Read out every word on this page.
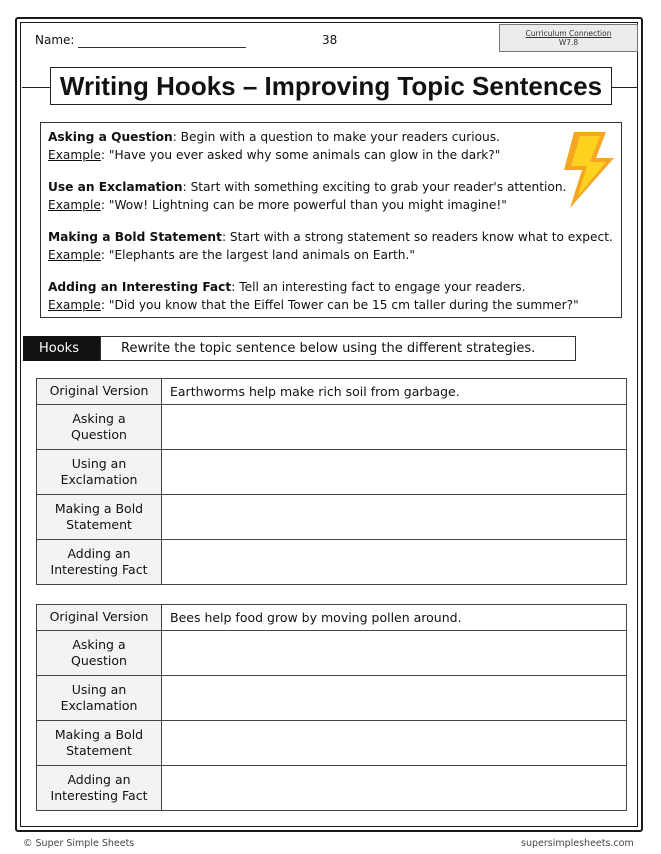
Name:	38	Curriculum Connection
W7.8
Writing Hooks – Improving Topic Sentences
Asking a Question: Begin with a question to make your readers curious.
Example: "Have you ever asked why some animals can glow in the dark?"
Use an Exclamation: Start with something exciting to grab your reader's attention.
Example: "Wow! Lightning can be more powerful than you might imagine!"
Making a Bold Statement: Start with a strong statement so readers know what to expect.
Example: "Elephants are the largest land animals on Earth."
Adding an Interesting Fact: Tell an interesting fact to engage your readers.
Example: "Did you know that the Eiffel Tower can be 15 cm taller during the summer?"
Hooks	Rewrite the topic sentence below using the different strategies.
Original Version	Earthworms help make rich soil from garbage.
Asking a
Question	
Using an
Exclamation	
Making a Bold
Statement	
Adding an
Interesting Fact	
Original Version	Bees help food grow by moving pollen around.
Asking a
Question	
Using an
Exclamation	
Making a Bold
Statement	
Adding an
Interesting Fact	
© Super Simple Sheets	supersimplesheets.com
